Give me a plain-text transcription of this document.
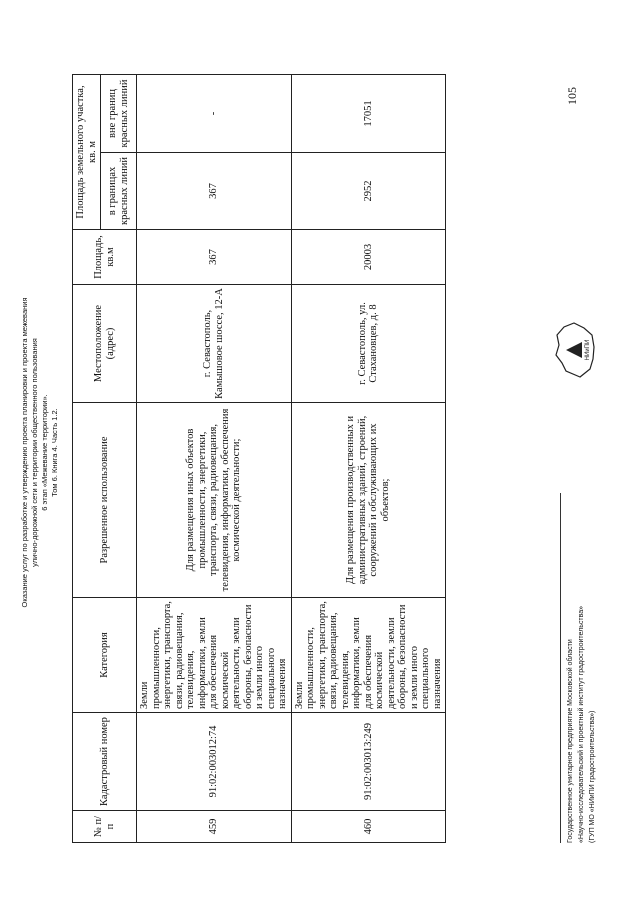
Оказание услуг по разработке и утверждению проекта планировки и проекта межевания улично-дорожной сети и территории общественного пользования 6 этап «Межевание территории». Том 6. Книга 4. Часть 1.2.
№ п/п	Кадастровый номер	Категория	Разрешенное использование	Местоположение (адрес)	Площадь, кв.м	Площадь земельного участка, кв. м	
						в границах красных линий	вне границ красных линий
459	91:02:003012:74	Земли промышленности, энергетики, транспорта, связи, радиовещания, телевидения, информатики, земли для обеспечения космической деятельности, земли обороны, безопасности и земли иного специального назначения	Для размещения иных объектов промышленности, энергетики, транспорта, связи, радиовещания, телевидения, информатики, обеспечения космической деятельности;	г. Севастополь, Камышовое шоссе, 12-А	367	367	-
460	91:02:003013:249	Земли промышленности, энергетики, транспорта, связи, радиовещания, телевидения, информатики, земли для обеспечения космической деятельности, земли обороны, безопасности и земли иного специального назначения	Для размещения производственных и административных зданий, строений, сооружений и обслуживающих их объектов;	г. Севастополь, ул. Стахановцев, д. 8	20003	2952	17051
Государственное унитарное предприятие Московской области «Научно-исследовательский и проектный институт градостроительства» (ГУП МО «НИиПИ градостроительства»)
НИиПИ
105
